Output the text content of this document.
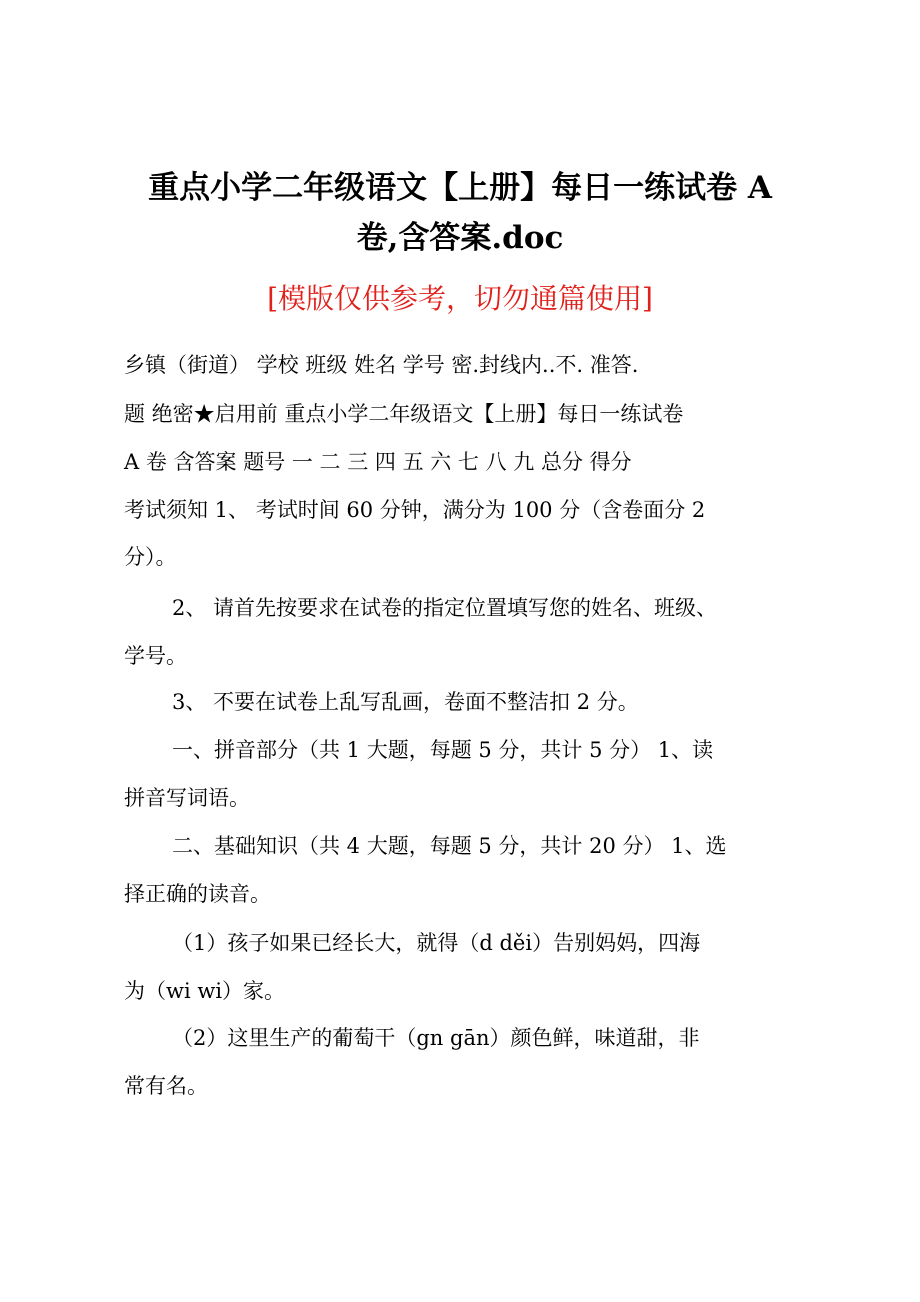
重点小学二年级语文【上册】每日一练试卷 A
卷,含答案.doc
[模版仅供参考，切勿通篇使用]
乡镇（街道） 学校 班级 姓名 学号 密.封线内..不. 准答.
题 绝密★启用前 重点小学二年级语文【上册】每日一练试卷
A 卷 含答案 题号 一 二 三 四 五 六 七 八 九 总分 得分
考试须知 1、 考试时间 60 分钟，满分为 100 分（含卷面分 2
分）。
2、 请首先按要求在试卷的指定位置填写您的姓名、班级、
学号。
3、 不要在试卷上乱写乱画，卷面不整洁扣 2 分。
一、拼音部分（共 1 大题，每题 5 分，共计 5 分） 1、读
拼音写词语。
二、基础知识（共 4 大题，每题 5 分，共计 20 分） 1、选
择正确的读音。
（1）孩子如果已经长大，就得（d děi）告别妈妈，四海
为（wi wi）家。
（2）这里生产的葡萄干（gn gān）颜色鲜，味道甜，非
常有名。
